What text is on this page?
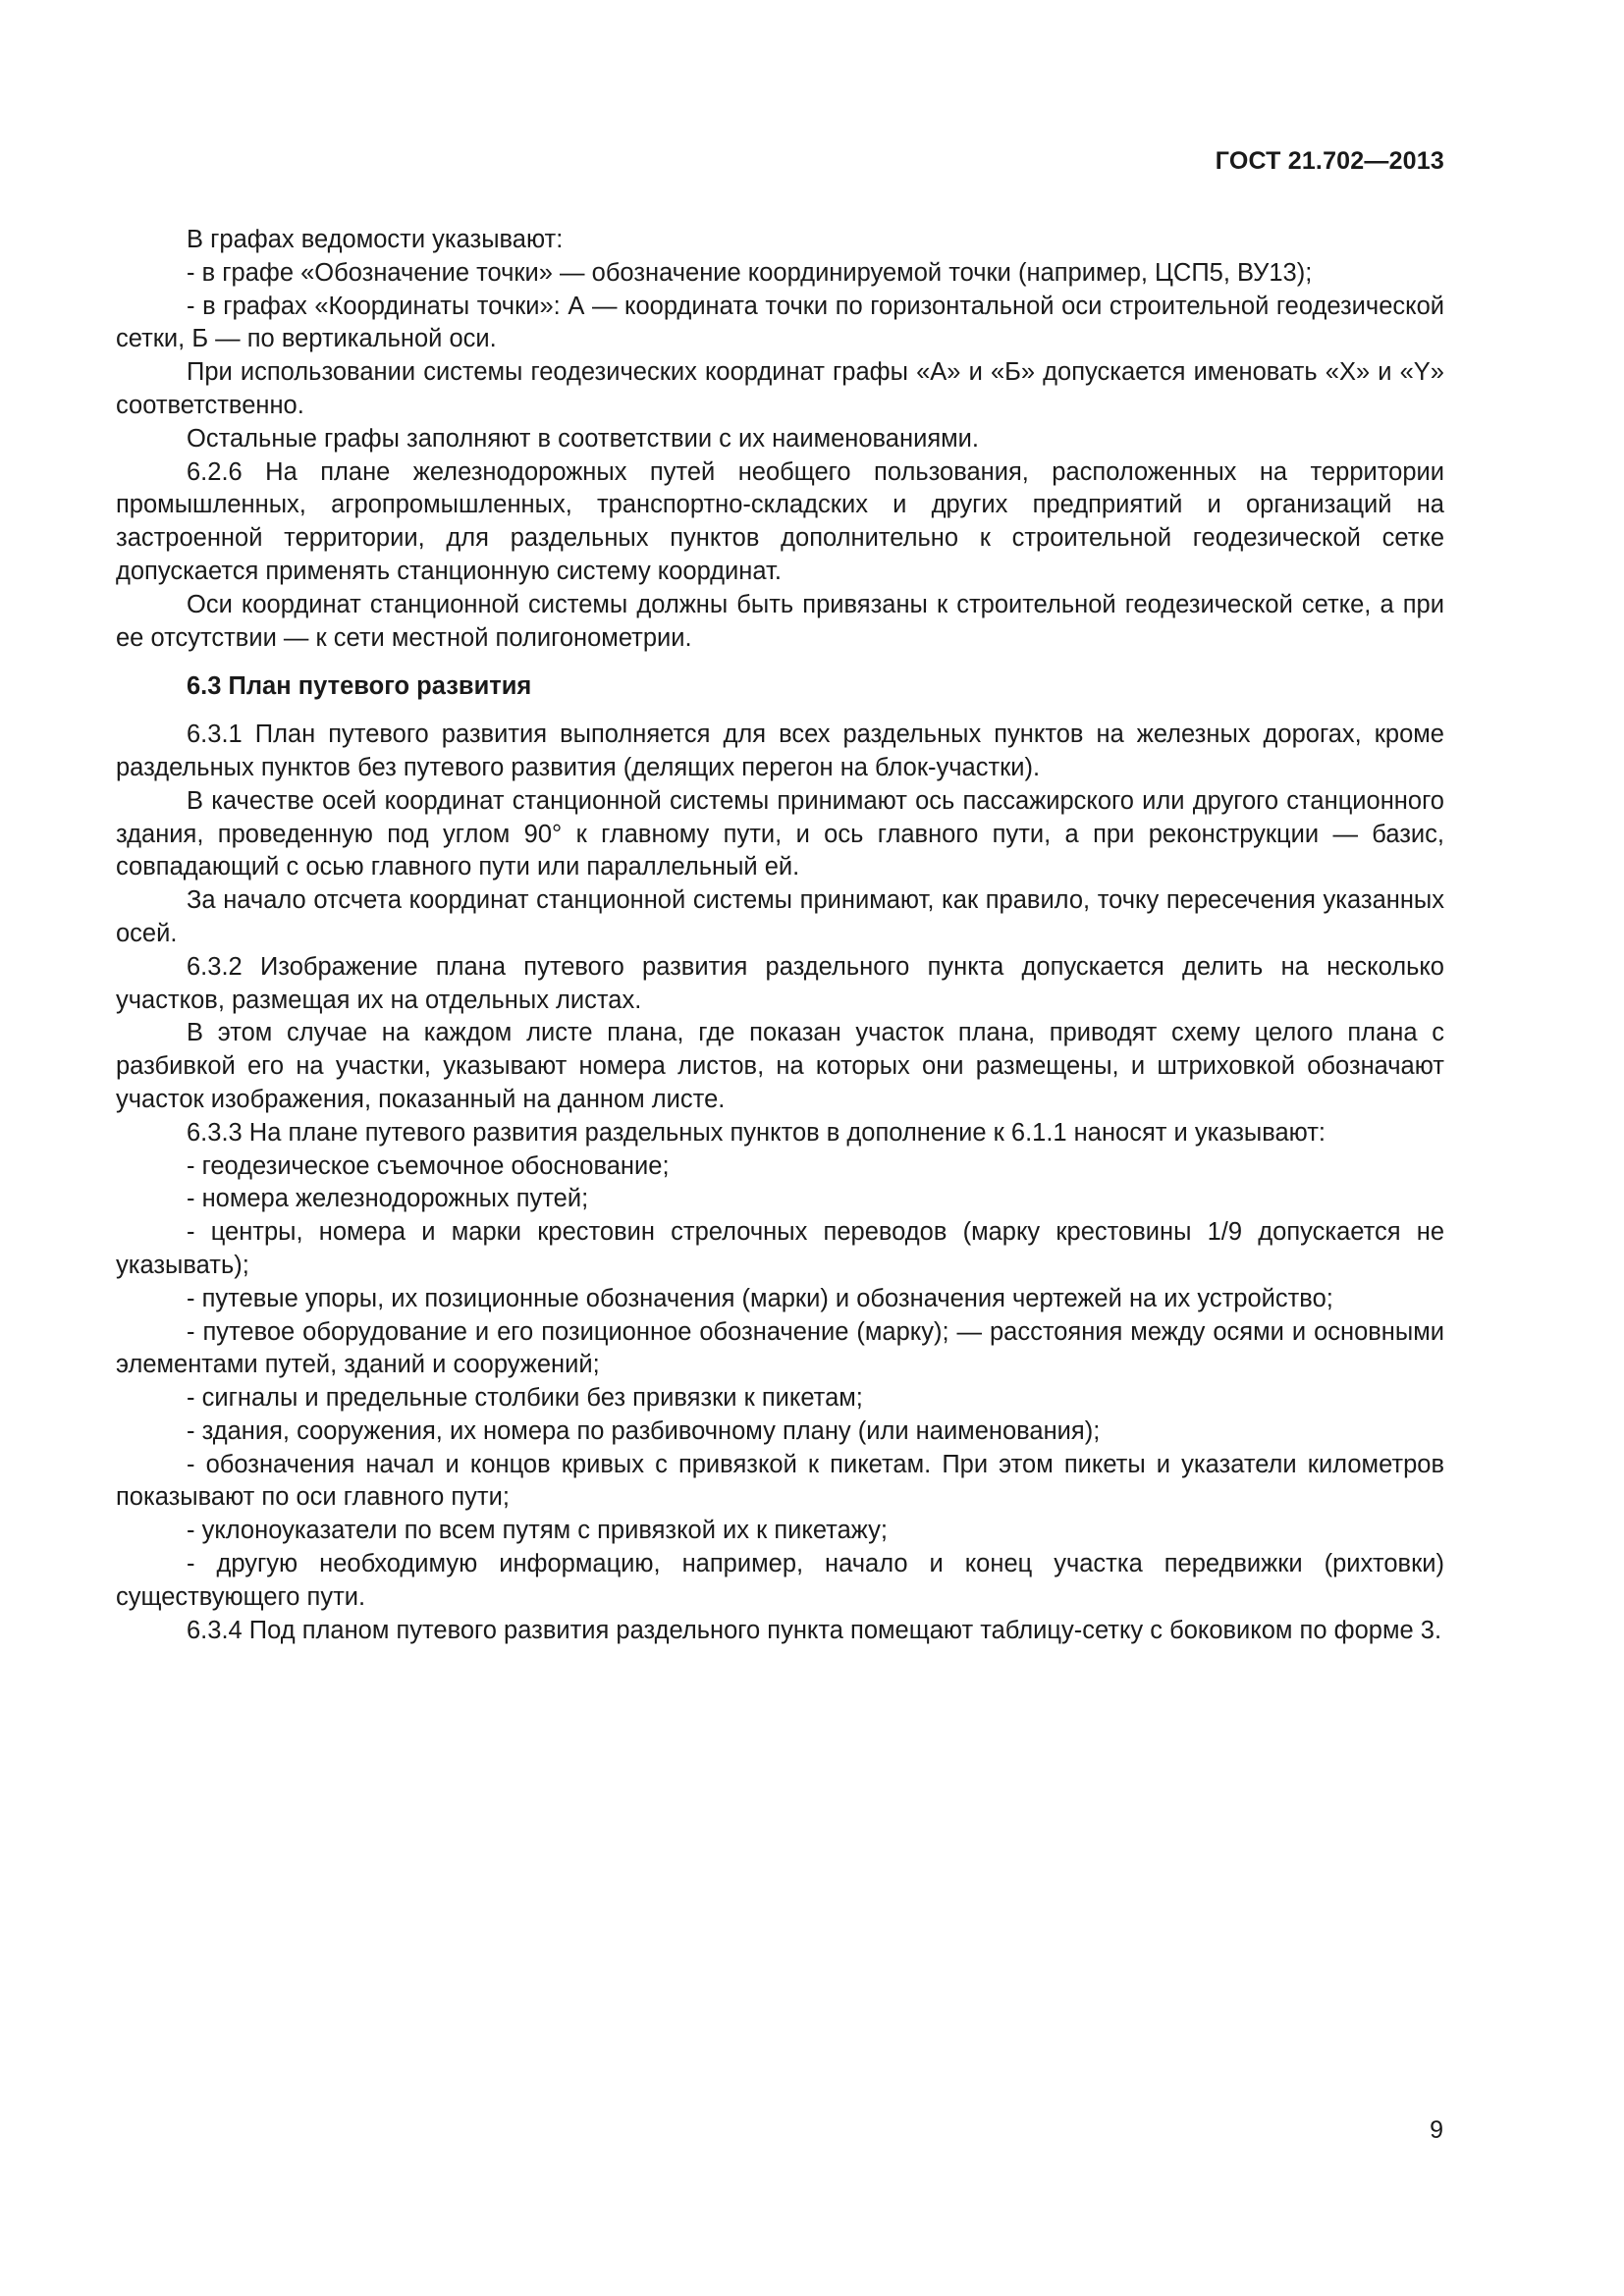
ГОСТ 21.702—2013

В графах ведомости указывают:

- в графе «Обозначение точки» — обозначение координируемой точки (например, ЦСП5, ВУ13);

- в графах «Координаты точки»: А — координата точки по горизонтальной оси строительной геодезической сетки, Б — по вертикальной оси.

При использовании системы геодезических координат графы «А» и «Б» допускается именовать «X» и «Y» соответственно.

Остальные графы заполняют в соответствии с их наименованиями.

6.2.6 На плане железнодорожных путей необщего пользования, расположенных на территории промышленных, агропромышленных, транспортно-складских и других предприятий и организаций на застроенной территории, для раздельных пунктов дополнительно к строительной геодезической сетке допускается применять станционную систему координат.

Оси координат станционной системы должны быть привязаны к строительной геодезической сетке, а при ее отсутствии — к сети местной полигонометрии.

6.3 План путевого развития

6.3.1 План путевого развития выполняется для всех раздельных пунктов на железных дорогах, кроме раздельных пунктов без путевого развития (делящих перегон на блок-участки).

В качестве осей координат станционной системы принимают ось пассажирского или другого станционного здания, проведенную под углом 90° к главному пути, и ось главного пути, а при реконструкции — базис, совпадающий с осью главного пути или параллельный ей.

За начало отсчета координат станционной системы принимают, как правило, точку пересечения указанных осей.

6.3.2 Изображение плана путевого развития раздельного пункта допускается делить на несколько участков, размещая их на отдельных листах.

В этом случае на каждом листе плана, где показан участок плана, приводят схему целого плана с разбивкой его на участки, указывают номера листов, на которых они размещены, и штриховкой обозначают участок изображения, показанный на данном листе.

6.3.3 На плане путевого развития раздельных пунктов в дополнение к 6.1.1 наносят и указывают:

- геодезическое съемочное обоснование;

- номера железнодорожных путей;

- центры, номера и марки крестовин стрелочных переводов (марку крестовины 1/9 допускается не указывать);

- путевые упоры, их позиционные обозначения (марки) и обозначения чертежей на их устройство;

- путевое оборудование и его позиционное обозначение (марку); — расстояния между осями и основными элементами путей, зданий и сооружений;

- сигналы и предельные столбики без привязки к пикетам;

- здания, сооружения, их номера по разбивочному плану (или наименования);

- обозначения начал и концов кривых с привязкой к пикетам. При этом пикеты и указатели километров показывают по оси главного пути;

- уклоноуказатели по всем путям с привязкой их к пикетажу;

- другую необходимую информацию, например, начало и конец участка передвижки (рихтовки) существующего пути.

6.3.4 Под планом путевого развития раздельного пункта помещают таблицу-сетку с боковиком по форме 3.

9
